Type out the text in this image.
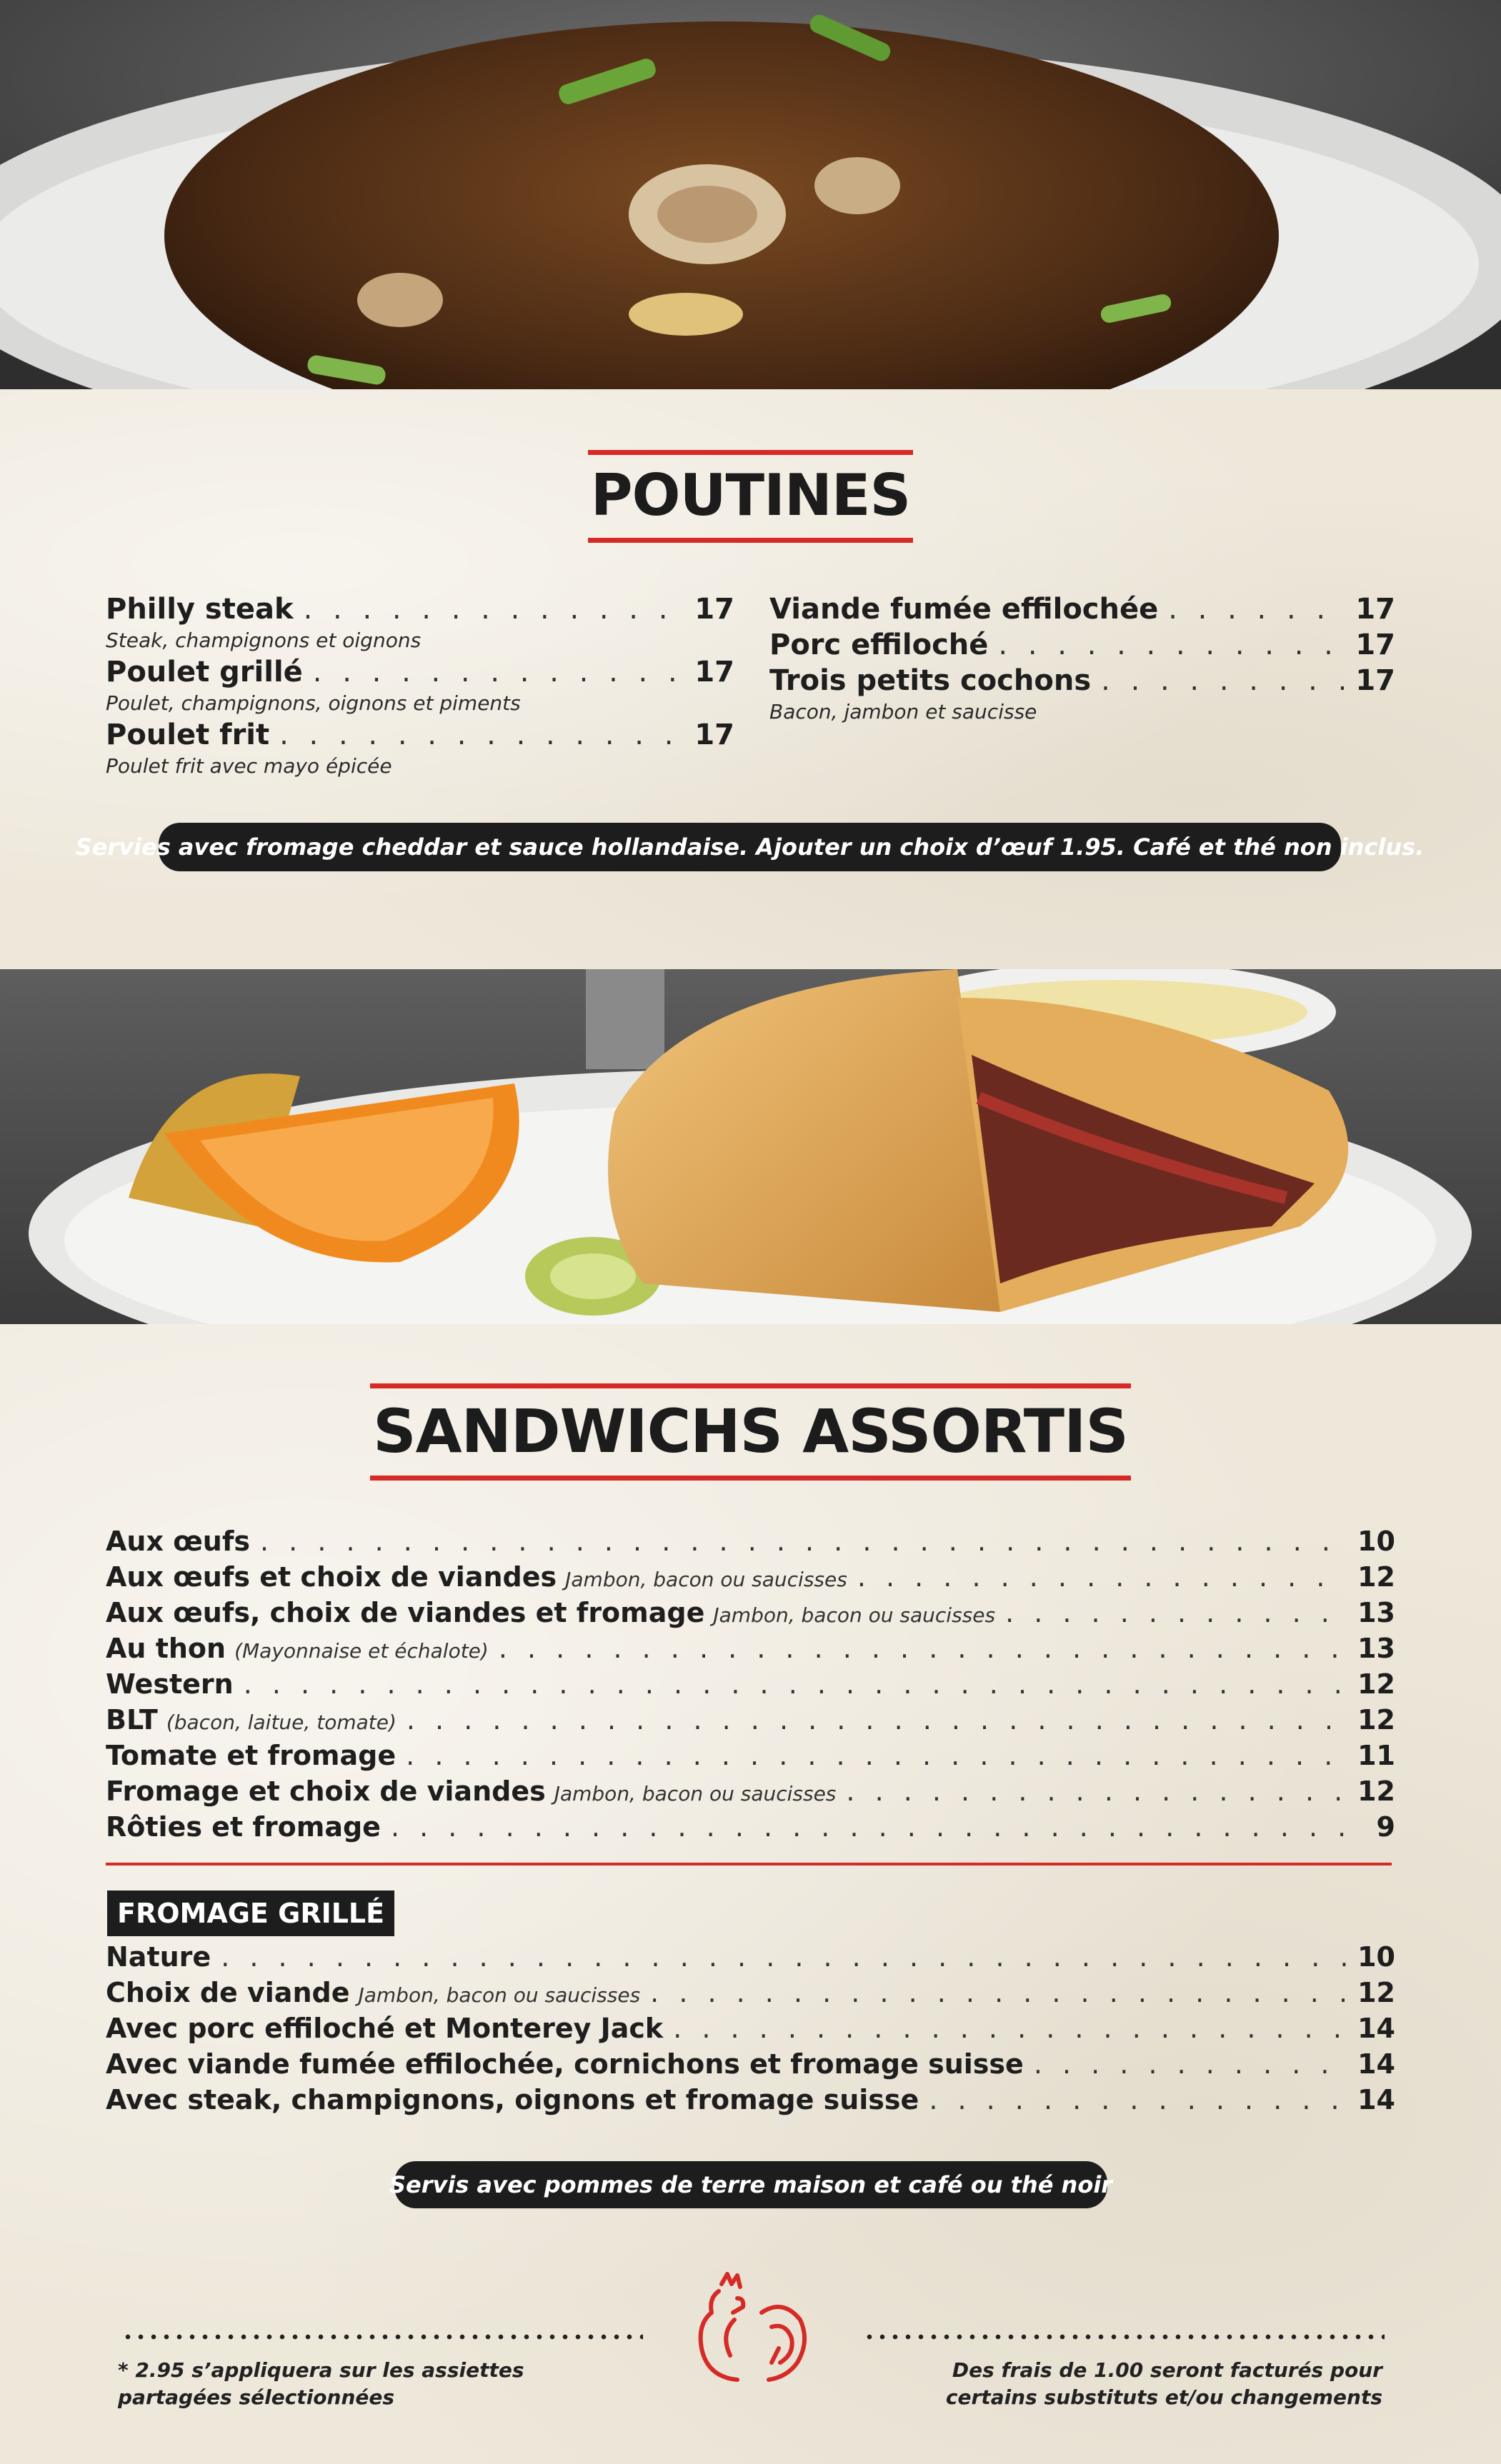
POUTINES
Philly steak . . .	17
Steak, champignons et oignons
Poulet grillé . . .	17
Poulet, champignons, oignons et piments
Poulet frit . . .	17
Poulet frit avec mayo épicée
Viande fumée effilochée . . .	17
Porc effiloché . . .	17
Trois petits cochons . . .	17
Bacon, jambon et saucisse
Servies avec fromage cheddar et sauce hollandaise. Ajouter un choix d’œuf 1.95. Café et thé non inclus.
SANDWICHS ASSORTIS
Aux œufs . . .	10
Aux œufs et choix de viandes Jambon, bacon ou saucisses . . .	12
Aux œufs, choix de viandes et fromage Jambon, bacon ou saucisses . . .	13
Au thon (Mayonnaise et échalote) . . .	13
Western . . .	12
BLT (bacon, laitue, tomate) . . .	12
Tomate et fromage . . .	11
Fromage et choix de viandes Jambon, bacon ou saucisses . . .	12
Rôties et fromage . . .	9
FROMAGE GRILLÉ
Nature . . .	10
Choix de viande Jambon, bacon ou saucisses . . .	12
Avec porc effiloché et Monterey Jack . . .	14
Avec viande fumée effilochée, cornichons et fromage suisse . . .	14
Avec steak, champignons, oignons et fromage suisse . . .	14
Servis avec pommes de terre maison et café ou thé noir
* 2.95 s’appliquera sur les assiettes partagées sélectionnées
Des frais de 1.00 seront facturés pour certains substituts et/ou changements
